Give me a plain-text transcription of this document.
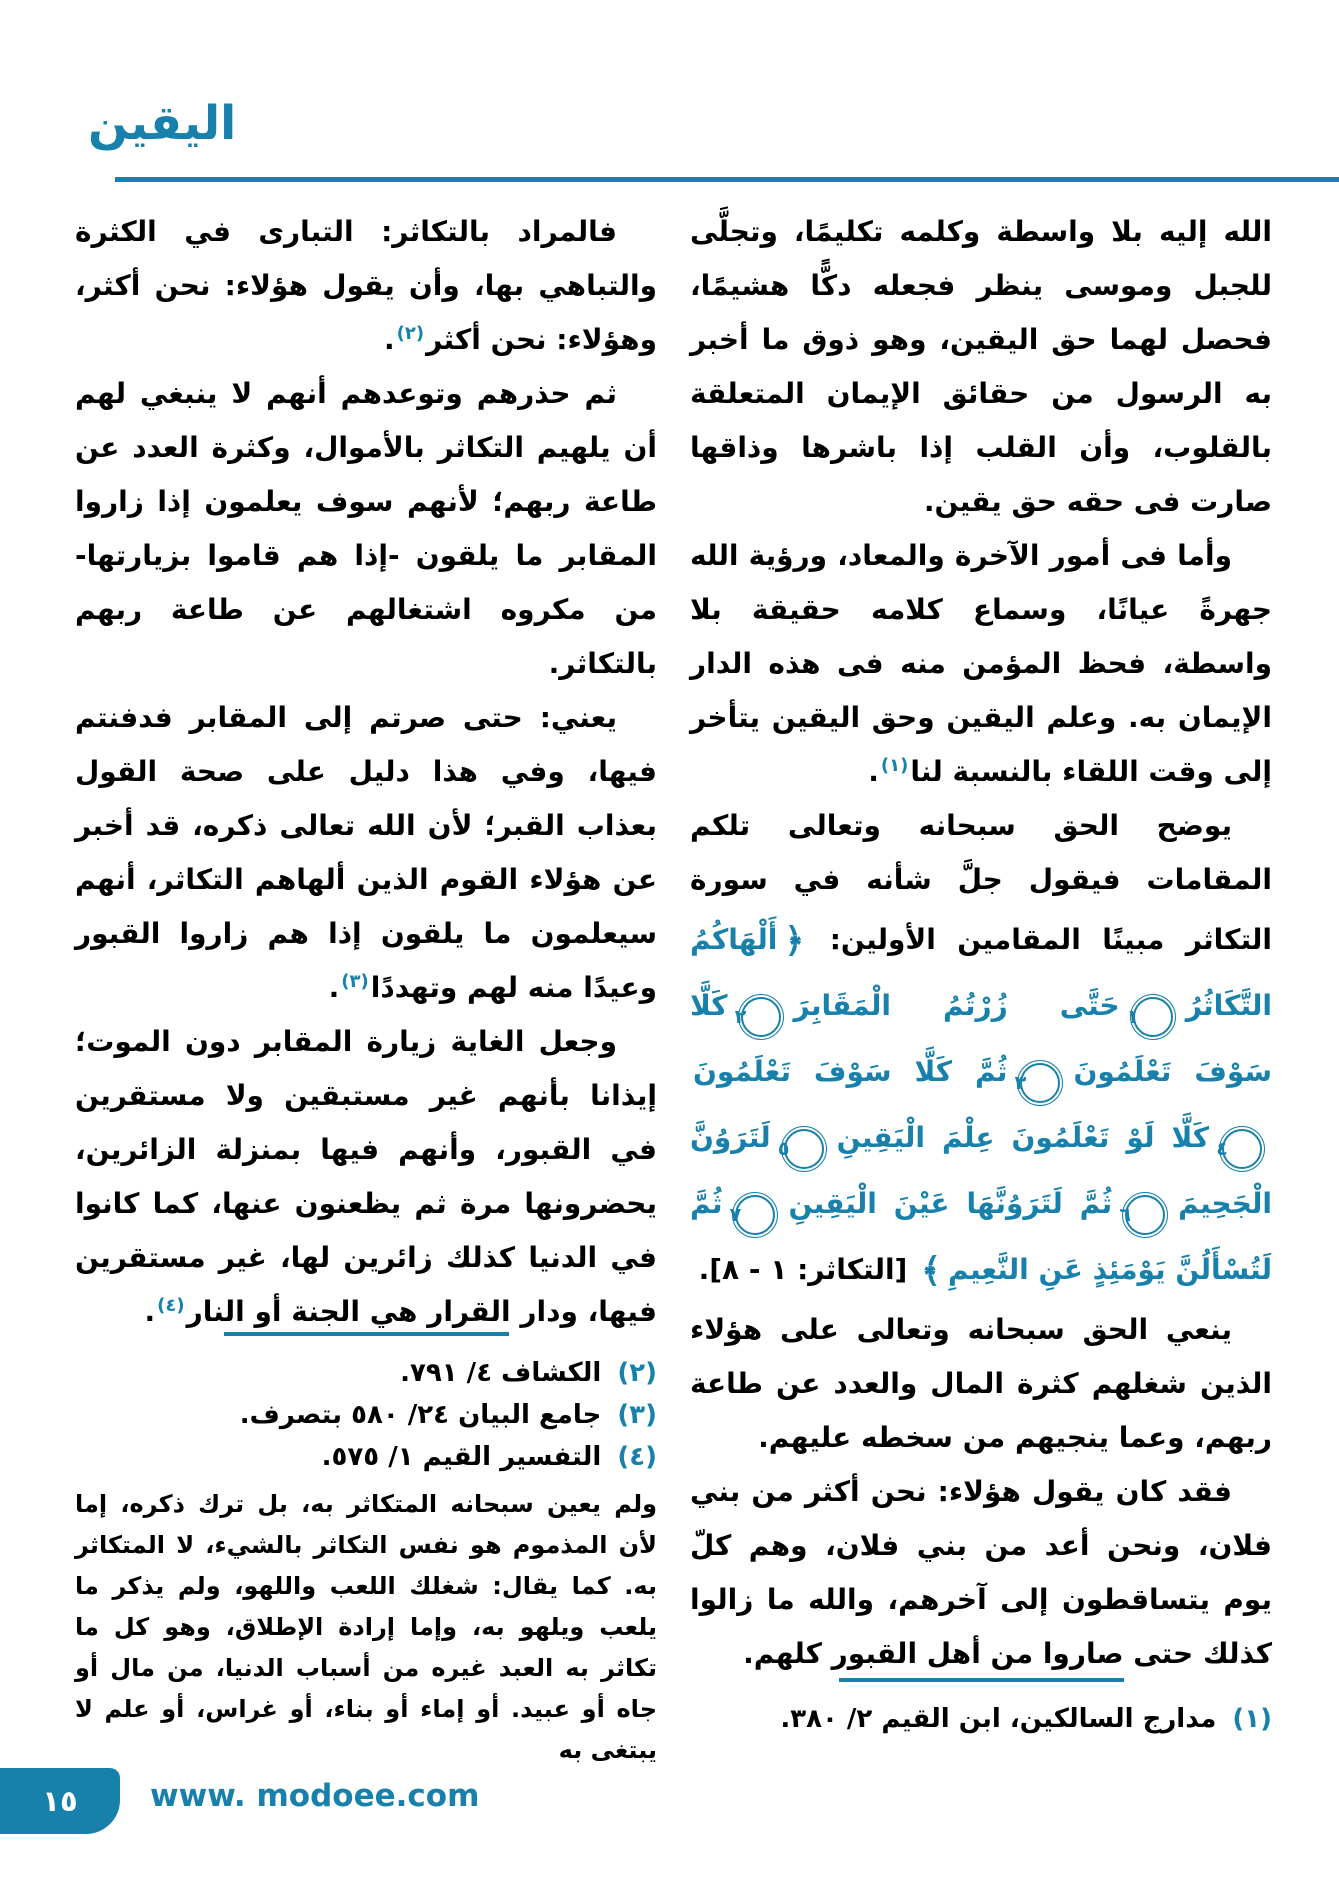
اليقين

الله إليه بلا واسطة وكلمه تكليمًا، وتجلَّى للجبل وموسى ينظر فجعله دكًّا هشيمًا، فحصل لهما حق اليقين، وهو ذوق ما أخبر به الرسول من حقائق الإيمان المتعلقة بالقلوب، وأن القلب إذا باشرها وذاقها صارت فى حقه حق يقين.

وأما فى أمور الآخرة والمعاد، ورؤية الله جهرةً عيانًا، وسماع كلامه حقيقة بلا واسطة، فحظ المؤمن منه فى هذه الدار الإيمان به. وعلم اليقين وحق اليقين يتأخر إلى وقت اللقاء بالنسبة لنا$^{(١)}$.

يوضح الحق سبحانه وتعالى تلكم المقامات فيقول جلَّ شأنه في سورة التكاثر مبينًا المقامين الأولين: ﴿أَلْهَاكُمُ التَّكَاثُرُ١حَتَّى زُرْتُمُ الْمَقَابِرَ٢كَلَّا سَوْفَ تَعْلَمُونَ٣ثُمَّ كَلَّا سَوْفَ تَعْلَمُونَ٤كَلَّا لَوْ تَعْلَمُونَ عِلْمَ الْيَقِينِ٥لَتَرَوُنَّ الْجَحِيمَ٦ثُمَّ لَتَرَوُنَّهَا عَيْنَ الْيَقِينِ٧ثُمَّ لَتُسْأَلُنَّ يَوْمَئِذٍ عَنِ النَّعِيمِ﴾ [التكاثر: ١ - ٨].

ينعي الحق سبحانه وتعالى على هؤلاء الذين شغلهم كثرة المال والعدد عن طاعة ربهم، وعما ينجيهم من سخطه عليهم.

فقد كان يقول هؤلاء: نحن أكثر من بني فلان، ونحن أعد من بني فلان، وهم كلّ يوم يتساقطون إلى آخرهم، والله ما زالوا كذلك حتى صاروا من أهل القبور كلهم.

فالمراد بالتكاثر: التبارى في الكثرة والتباهي بها، وأن يقول هؤلاء: نحن أكثر، وهؤلاء: نحن أكثر$^{(٢)}$.

ثم حذرهم وتوعدهم أنهم لا ينبغي لهم أن يلهيم التكاثر بالأموال، وكثرة العدد عن طاعة ربهم؛ لأنهم سوف يعلمون إذا زاروا المقابر ما يلقون -إذا هم قاموا بزيارتها- من مكروه اشتغالهم عن طاعة ربهم بالتكاثر.

يعني: حتى صرتم إلى المقابر فدفنتم فيها، وفي هذا دليل على صحة القول بعذاب القبر؛ لأن الله تعالى ذكره، قد أخبر عن هؤلاء القوم الذين ألهاهم التكاثر، أنهم سيعلمون ما يلقون إذا هم زاروا القبور وعيدًا منه لهم وتهددًا$^{(٣)}$.

وجعل الغاية زيارة المقابر دون الموت؛ إيذانا بأنهم غير مستبقين ولا مستقرين في القبور، وأنهم فيها بمنزلة الزائرين، يحضرونها مرة ثم يظعنون عنها، كما كانوا في الدنيا كذلك زائرين لها، غير مستقرين فيها، ودار القرار هي الجنة أو النار$^{(٤)}$.

(٢)
الكشاف ٤/ ٧٩١.
(٣)
جامع البيان ٢٤/ ٥٨٠ بتصرف.
(٤)
التفسير القيم ١/ ٥٧٥.

ولم يعين سبحانه المتكاثر به، بل ترك ذكره، إما لأن المذموم هو نفس التكاثر بالشيء، لا المتكاثر به. كما يقال: شغلك اللعب واللهو، ولم يذكر ما يلعب ويلهو به، وإما إرادة الإطلاق، وهو كل ما تكاثر به العبد غيره من أسباب الدنيا، من مال أو جاه أو عبيد. أو إماء أو بناء، أو غراس، أو علم لا يبتغى به

(١)
مدارج السالكين، ابن القيم ٢/ ٣٨٠.
١٥ www. modoee.com
